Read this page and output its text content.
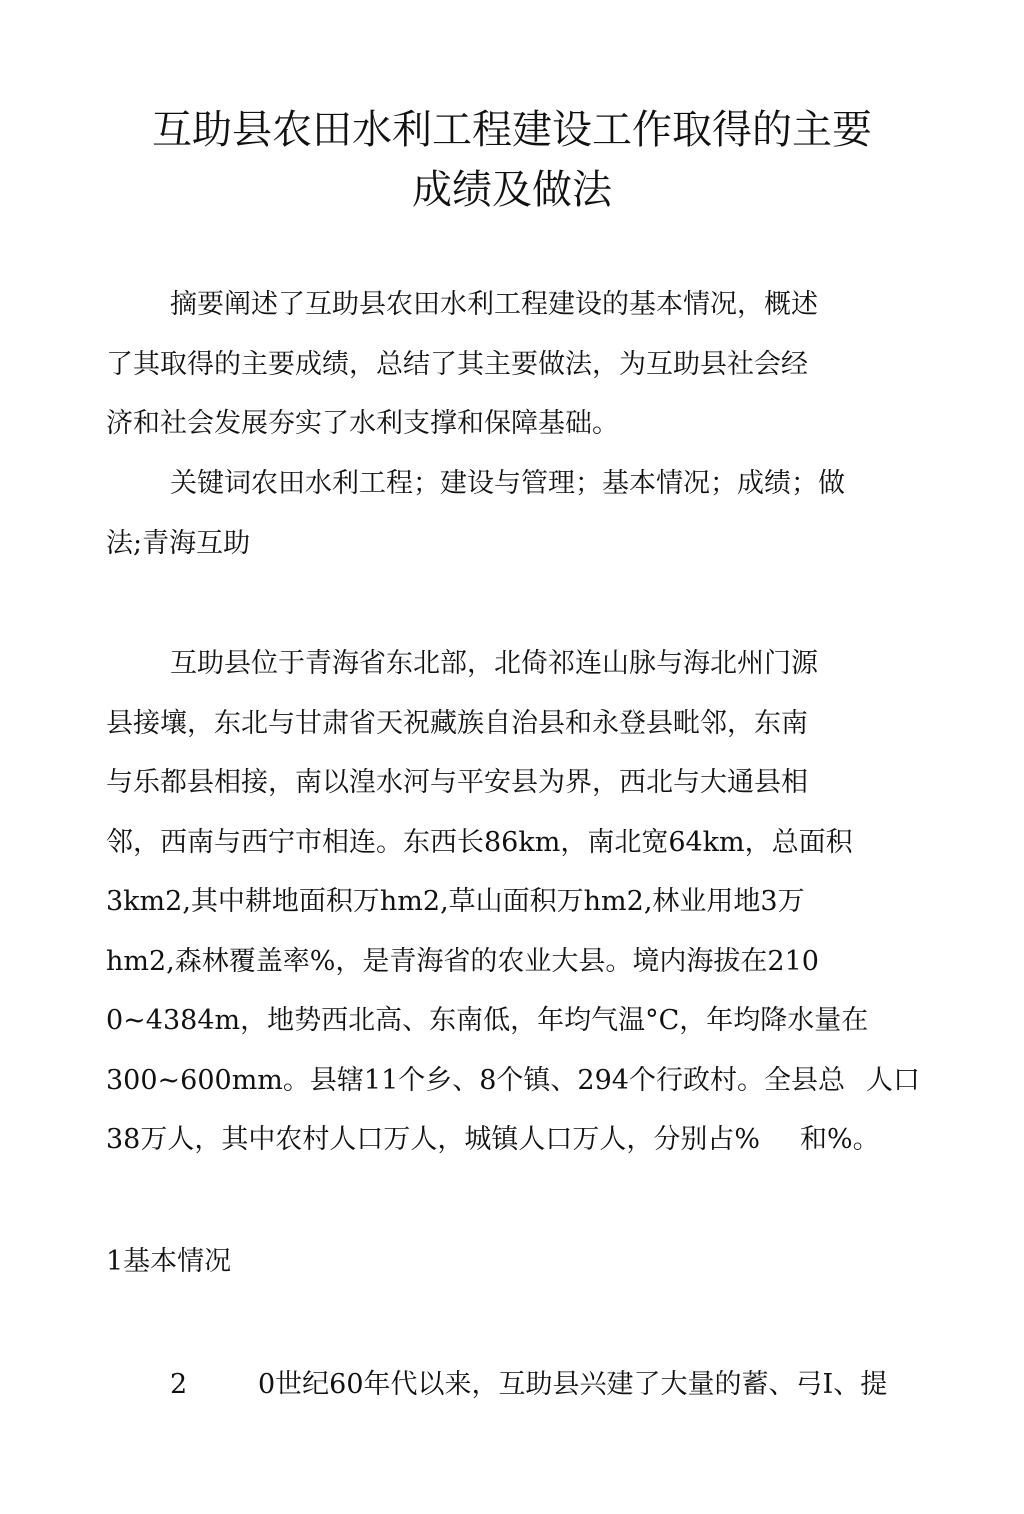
互助县农田水利工程建设工作取得的主要
成绩及做法
摘要阐述了互助县农田水利工程建设的基本情况，概述
了其取得的主要成绩，总结了其主要做法，为互助县社会经
济和社会发展夯实了水利支撑和保障基础。
关键词农田水利工程；建设与管理；基本情况；成绩；做
法;青海互助
互助县位于青海省东北部，北倚祁连山脉与海北州门源
县接壤，东北与甘肃省天祝藏族自治县和永登县毗邻，东南
与乐都县相接，南以湟水河与平安县为界，西北与大通县相
邻，西南与西宁市相连。东西长86km，南北宽64km，总面积
3km2,其中耕地面积万hm2,草山面积万hm2,林业用地3万
hm2,森林覆盖率%，是青海省的农业大县。境内海拔在210
0~4384m，地势西北高、东南低，年均气温°C，年均降水量在
300~600mm。县辖11个乡、8个镇、294个行政村。全县总 人口
38万人，其中农村人口万人，城镇人口万人，分别占% 和%。
1基本情况
2	0世纪60年代以来，互助县兴建了大量的蓄、弓I、提
